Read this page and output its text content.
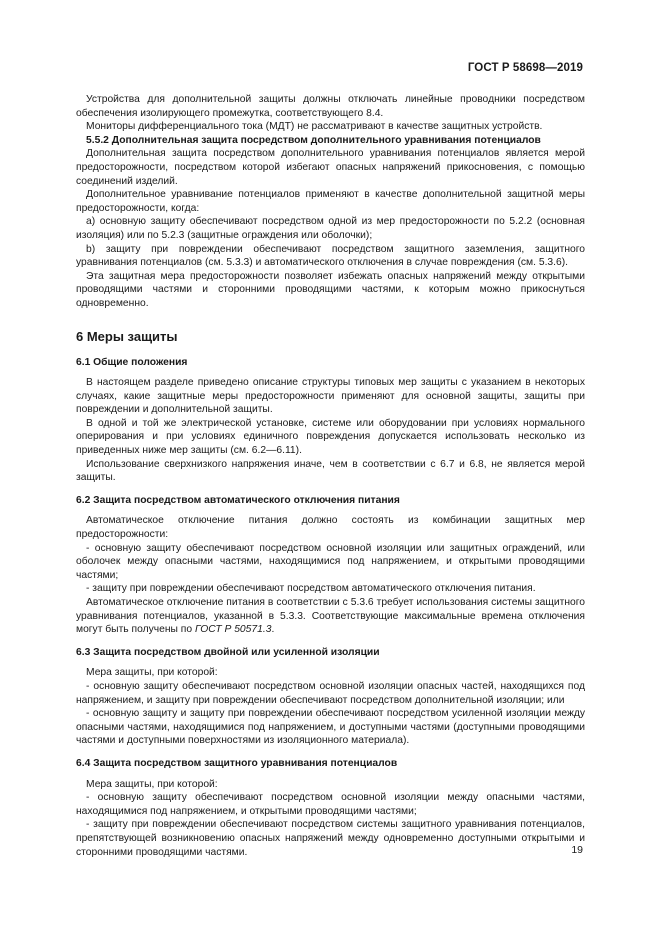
ГОСТ Р 58698—2019

Устройства для дополнительной защиты должны отключать линейные проводники посредством обеспечения изолирующего промежутка, соответствующего 8.4.

Мониторы дифференциального тока (МДТ) не рассматривают в качестве защитных устройств.

5.5.2 Дополнительная защита посредством дополнительного уравнивания потенциалов

Дополнительная защита посредством дополнительного уравнивания потенциалов является мерой предосторожности, посредством которой избегают опасных напряжений прикосновения, с помощью соединений изделий.

Дополнительное уравнивание потенциалов применяют в качестве дополнительной защитной меры предосторожности, когда:

a) основную защиту обеспечивают посредством одной из мер предосторожности по 5.2.2 (основная изоляция) или по 5.2.3 (защитные ограждения или оболочки);

b) защиту при повреждении обеспечивают посредством защитного заземления, защитного уравнивания потенциалов (см. 5.3.3) и автоматического отключения в случае повреждения (см. 5.3.6).

Эта защитная мера предосторожности позволяет избежать опасных напряжений между открытыми проводящими частями и сторонними проводящими частями, к которым можно прикоснуться одновременно.

6 Меры защиты

6.1 Общие положения

В настоящем разделе приведено описание структуры типовых мер защиты с указанием в некоторых случаях, какие защитные меры предосторожности применяют для основной защиты, защиты при повреждении и дополнительной защиты.

В одной и той же электрической установке, системе или оборудовании при условиях нормального оперирования и при условиях единичного повреждения допускается использовать несколько из приведенных ниже мер защиты (см. 6.2—6.11).

Использование сверхнизкого напряжения иначе, чем в соответствии с 6.7 и 6.8, не является мерой защиты.

6.2 Защита посредством автоматического отключения питания

Автоматическое отключение питания должно состоять из комбинации защитных мер предосторожности:

- основную защиту обеспечивают посредством основной изоляции или защитных ограждений, или оболочек между опасными частями, находящимися под напряжением, и открытыми проводящими частями;

- защиту при повреждении обеспечивают посредством автоматического отключения питания.

Автоматическое отключение питания в соответствии с 5.3.6 требует использования системы защитного уравнивания потенциалов, указанной в 5.3.3. Соответствующие максимальные времена отключения могут быть получены по ГОСТ Р 50571.3.

6.3 Защита посредством двойной или усиленной изоляции

Мера защиты, при которой:

- основную защиту обеспечивают посредством основной изоляции опасных частей, находящихся под напряжением, и защиту при повреждении обеспечивают посредством дополнительной изоляции; или

- основную защиту и защиту при повреждении обеспечивают посредством усиленной изоляции между опасными частями, находящимися под напряжением, и доступными частями (доступными проводящими частями и доступными поверхностями из изоляционного материала).

6.4 Защита посредством защитного уравнивания потенциалов

Мера защиты, при которой:

- основную защиту обеспечивают посредством основной изоляции между опасными частями, находящимися под напряжением, и открытыми проводящими частями;

- защиту при повреждении обеспечивают посредством системы защитного уравнивания потенциалов, препятствующей возникновению опасных напряжений между одновременно доступными открытыми и сторонними проводящими частями.	19
